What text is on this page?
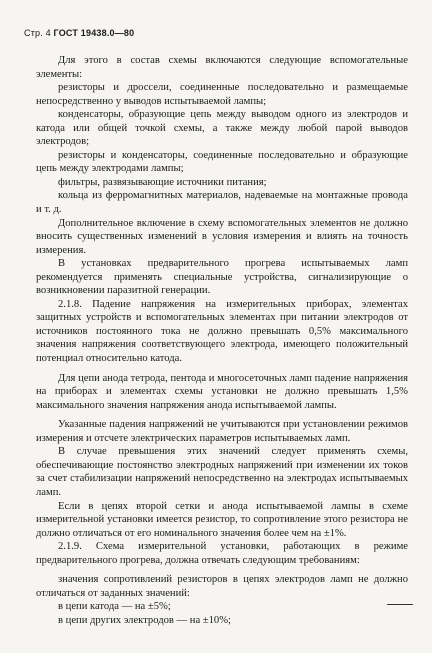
Стр. 4 ГОСТ 19438.0—80

Для этого в состав схемы включаются следующие вспомогательные элементы:

резисторы и дроссели, соединенные последовательно и размещаемые непосредственно у выводов испытываемой лампы;

конденсаторы, образующие цепь между выводом одного из электродов и катода или общей точкой схемы, а также между любой парой выводов электродов;

резисторы и конденсаторы, соединенные последовательно и образующие цепь между электродами лампы;

фильтры, развязывающие источники питания;

кольца из ферромагнитных материалов, надеваемые на монтажные провода и т. д.

Дополнительное включение в схему вспомогательных элементов не должно вносить существенных изменений в условия измерения и влиять на точность измерения.

В установках предварительного прогрева испытываемых ламп рекомендуется применять специальные устройства, сигнализирующие о возникновении паразитной генерации.

2.1.8. Падение напряжения на измерительных приборах, элементах защитных устройств и вспомогательных элементах при питании электродов от источников постоянного тока не должно превышать 0,5% максимального значения напряжения соответствующего электрода, имеющего положительный потенциал относительно катода.

Для цепи анода тетрода, пентода и многосеточных ламп падение напряжения на приборах и элементах схемы установки не должно превышать 1,5% максимального значения напряжения анода испытываемой лампы.

Указанные падения напряжений не учитываются при установлении режимов измерения и отсчете электрических параметров испытываемых ламп.

В случае превышения этих значений следует применять схемы, обеспечивающие постоянство электродных напряжений при изменении их токов за счет стабилизации напряжений непосредственно на электродах испытываемых ламп.

Если в цепях второй сетки и анода испытываемой лампы в схеме измерительной установки имеется резистор, то сопротивление этого резистора не должно отличаться от его номинального значения более чем на ±1%.

2.1.9. Схема измерительной установки, работающих в режиме предварительного прогрева, должна отвечать следующим требованиям:

значения сопротивлений резисторов в цепях электродов ламп не должно отличаться от заданных значений:

в цепи катода — на ±5%;

в цепи других электродов — на ±10%;
